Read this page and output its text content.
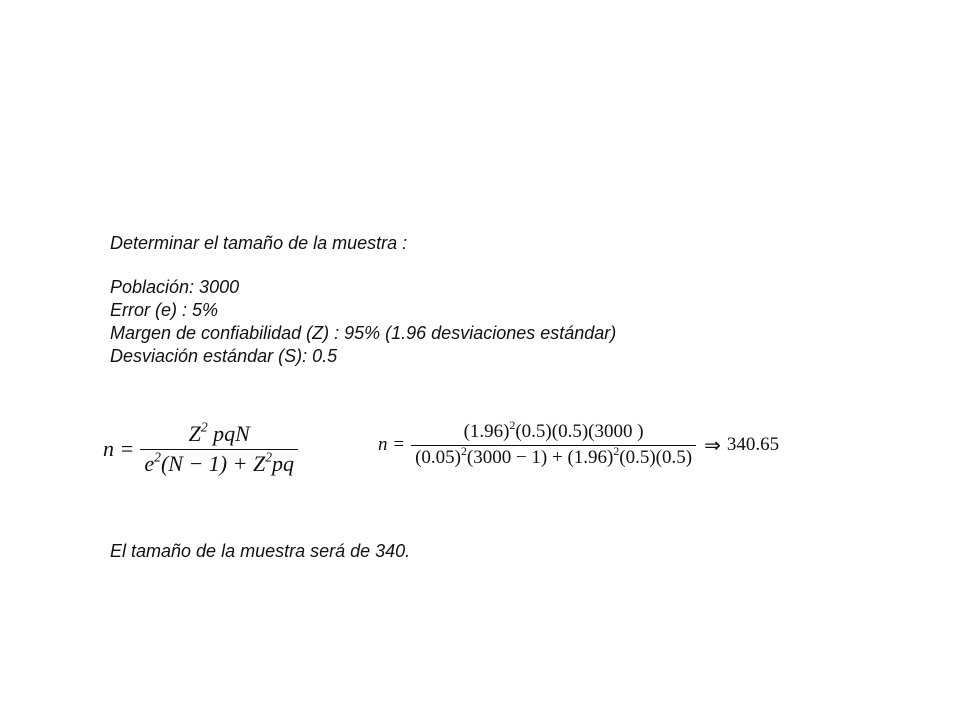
Determinar el tamaño de la muestra :
Población: 3000
Error (e) : 5%
Margen de confiabilidad (Z) : 95% (1.96 desviaciones estándar)
Desviación estándar (S): 0.5
$n = \frac{Z^2 pqN}{e^2(N - 1) + Z^2pq}$	$n = \frac{(1.96)^2(0.5)(0.5)(3000 )}{(0.05)^2(3000 - 1) + (1.96)^2(0.5)(0.5)}$ ⇒ 340.65
El tamaño de la muestra será de 340.
